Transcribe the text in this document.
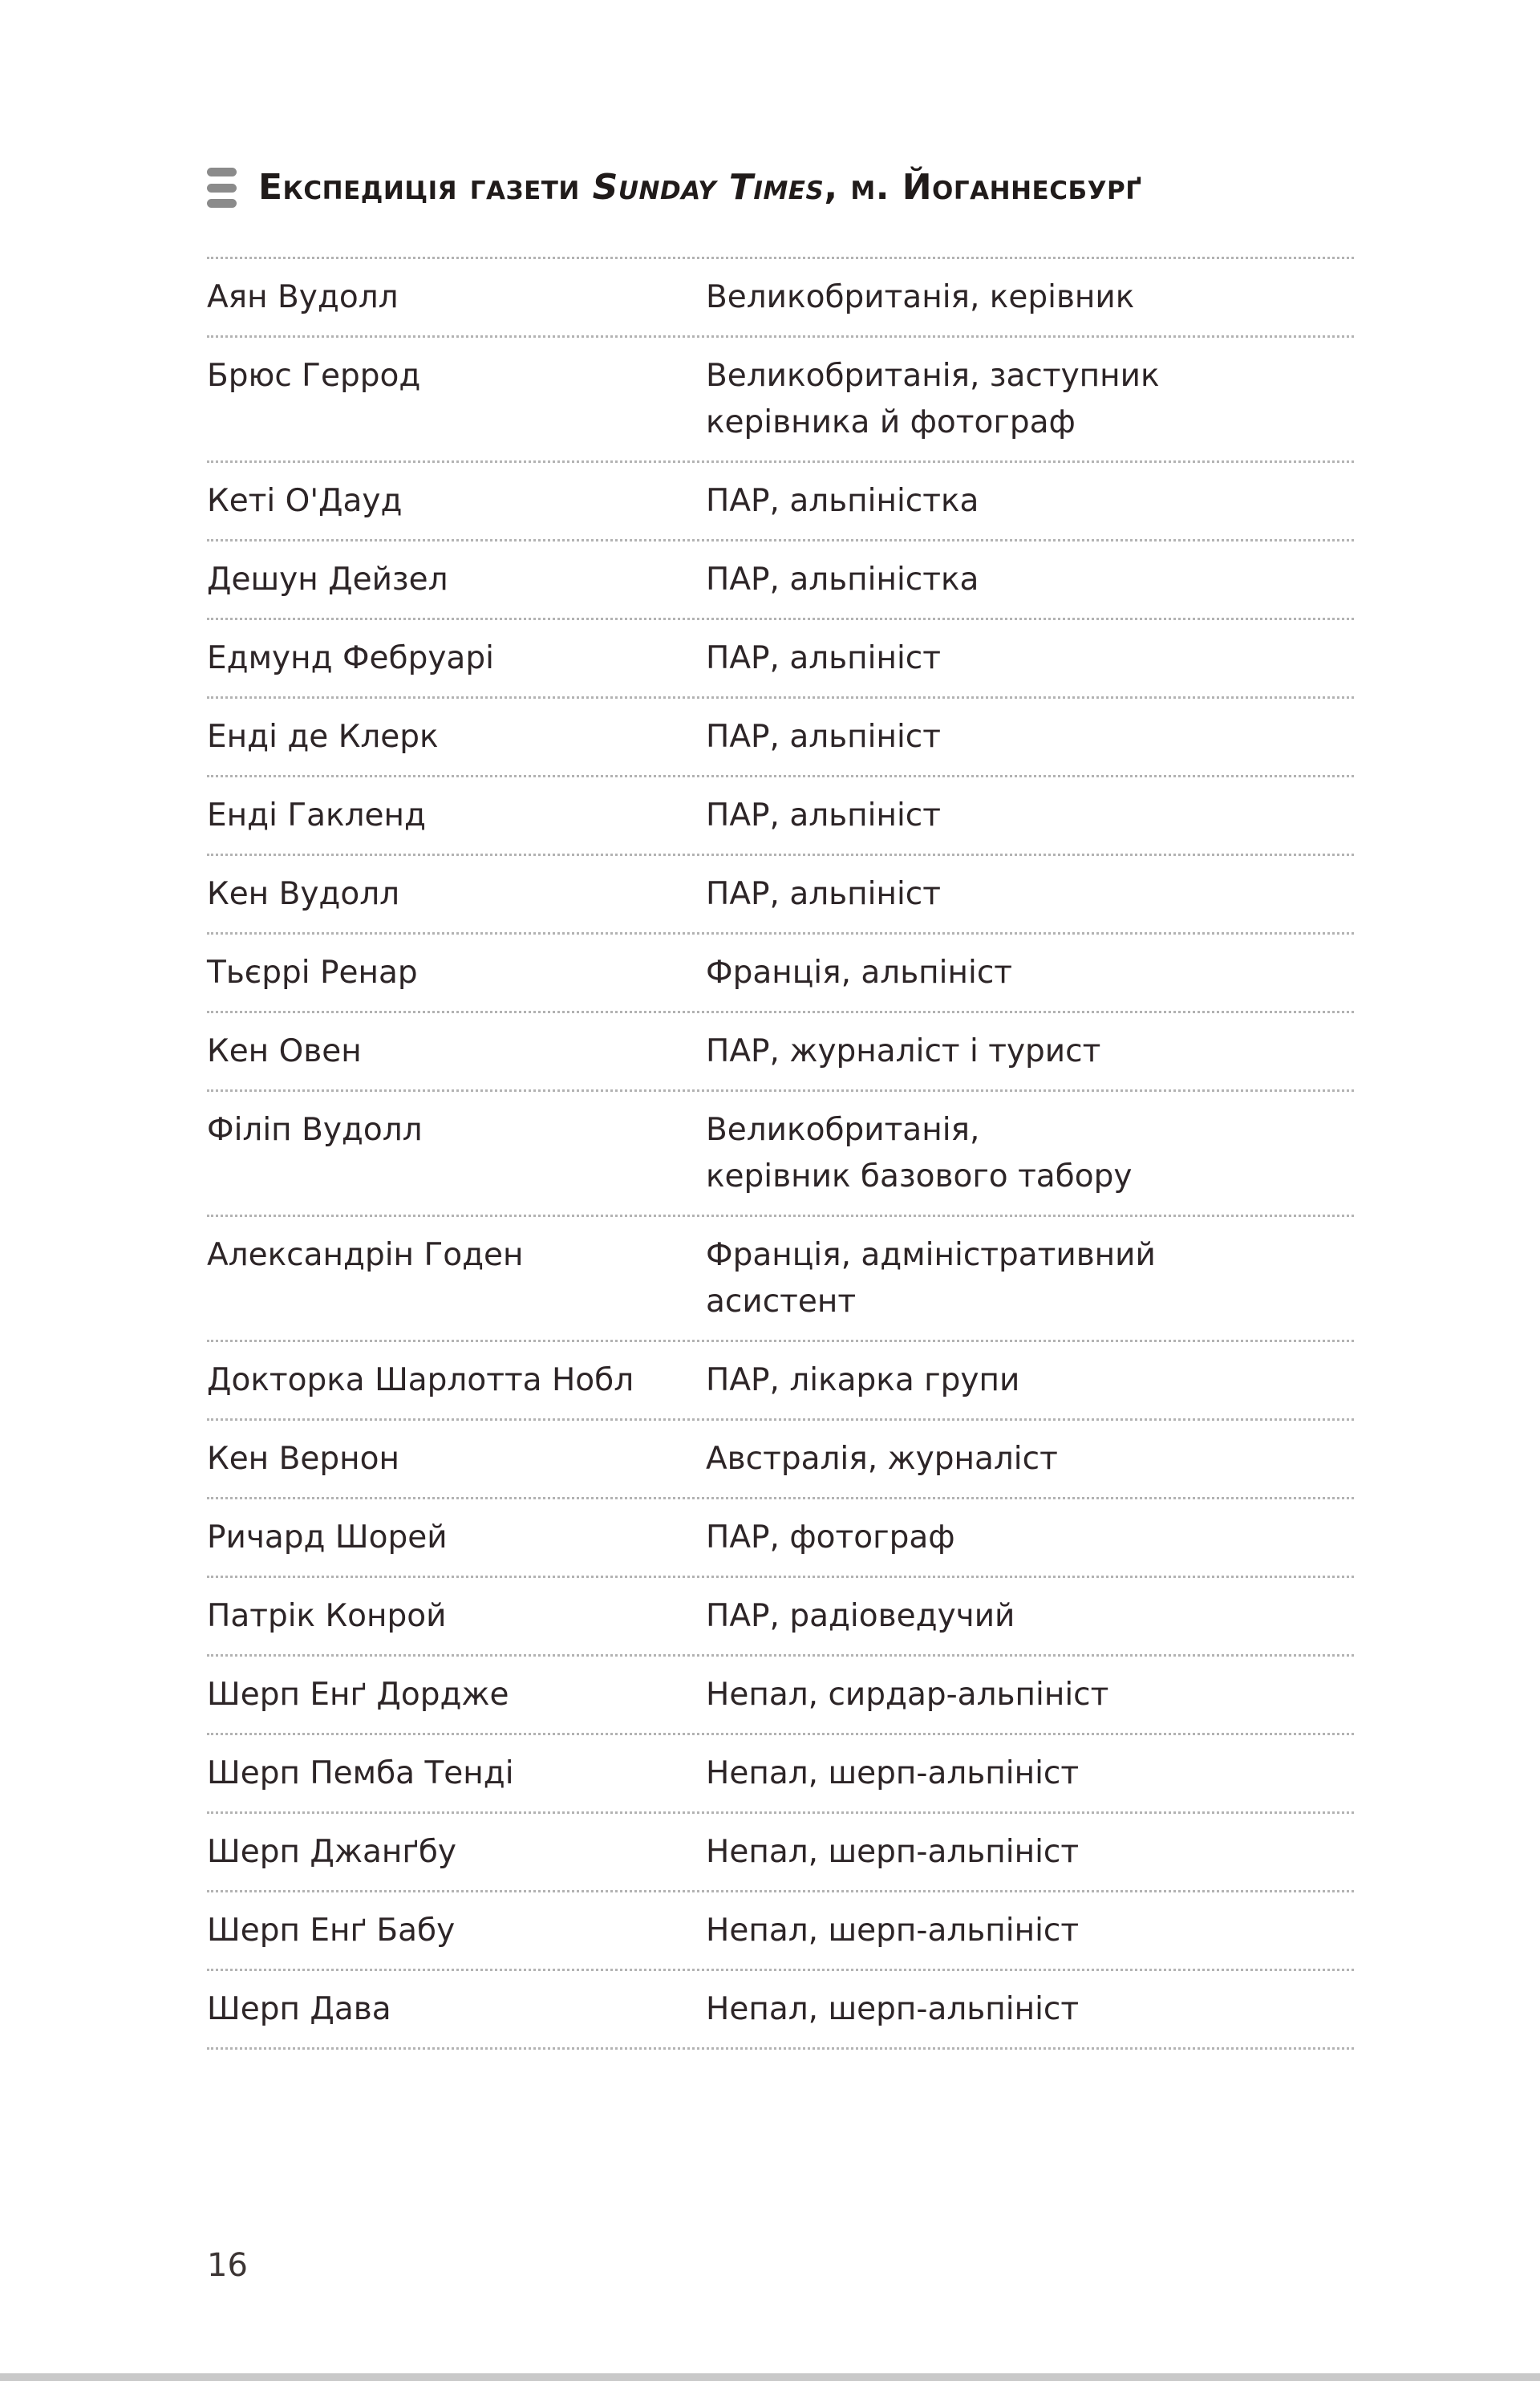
Експедиція газети Sunday Times, м. Йоганнесбурґ
Аян Вудолл	Великобританія, керівник
Брюс Геррод	Великобританія, заступник
керівника й фотограф
Кеті О'Дауд	ПАР, альпіністка
Дешун Дейзел	ПАР, альпіністка
Едмунд Фебруарі	ПАР, альпініст
Енді де Клерк	ПАР, альпініст
Енді Гакленд	ПАР, альпініст
Кен Вудолл	ПАР, альпініст
Тьєррі Ренар	Франція, альпініст
Кен Овен	ПАР, журналіст і турист
Філіп Вудолл	Великобританія,
керівник базового табору
Александрін Годен	Франція, адміністративний
асистент
Докторка Шарлотта Нобл	ПАР, лікарка групи
Кен Вернон	Австралія, журналіст
Ричард Шорей	ПАР, фотограф
Патрік Конрой	ПАР, радіоведучий
Шерп Енґ Дордже	Непал, сирдар-альпініст
Шерп Пемба Тенді	Непал, шерп-альпініст
Шерп Джанґбу	Непал, шерп-альпініст
Шерп Енґ Бабу	Непал, шерп-альпініст
Шерп Дава	Непал, шерп-альпініст
16
